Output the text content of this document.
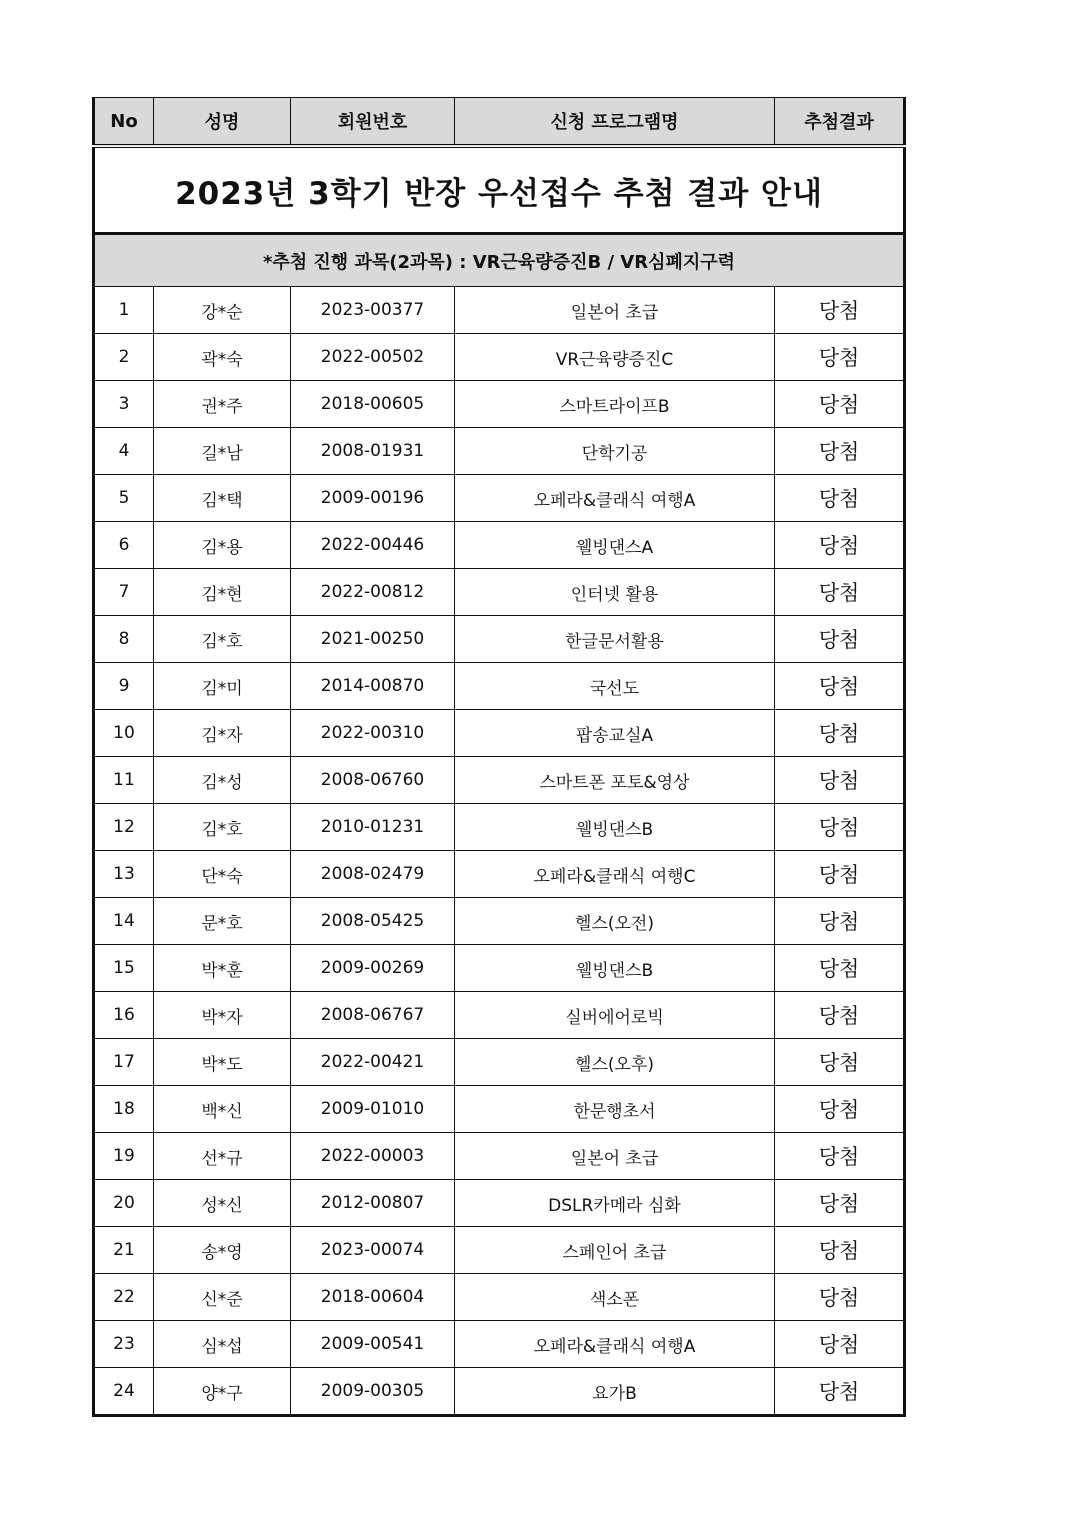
2023년 3학기 반장 우선접수 추첨 결과 안내				
*추첨 진행 과목(2과목) : VR근육량증진B / VR심폐지구력				
No	성명	회원번호	신청 프로그램명	추첨결과
1	강*순	2023-00377	일본어 초급	당첨
2	곽*숙	2022-00502	VR근육량증진C	당첨
3	권*주	2018-00605	스마트라이프B	당첨
4	길*남	2008-01931	단학기공	당첨
5	김*택	2009-00196	오페라&클래식 여행A	당첨
6	김*용	2022-00446	웰빙댄스A	당첨
7	김*현	2022-00812	인터넷 활용	당첨
8	김*호	2021-00250	한글문서활용	당첨
9	김*미	2014-00870	국선도	당첨
10	김*자	2022-00310	팝송교실A	당첨
11	김*성	2008-06760	스마트폰 포토&영상	당첨
12	김*호	2010-01231	웰빙댄스B	당첨
13	단*숙	2008-02479	오페라&클래식 여행C	당첨
14	문*호	2008-05425	헬스(오전)	당첨
15	박*훈	2009-00269	웰빙댄스B	당첨
16	박*자	2008-06767	실버에어로빅	당첨
17	박*도	2022-00421	헬스(오후)	당첨
18	백*신	2009-01010	한문행초서	당첨
19	선*규	2022-00003	일본어 초급	당첨
20	성*신	2012-00807	DSLR카메라 심화	당첨
21	송*영	2023-00074	스페인어 초급	당첨
22	신*준	2018-00604	색소폰	당첨
23	심*섭	2009-00541	오페라&클래식 여행A	당첨
24	양*구	2009-00305	요가B	당첨
